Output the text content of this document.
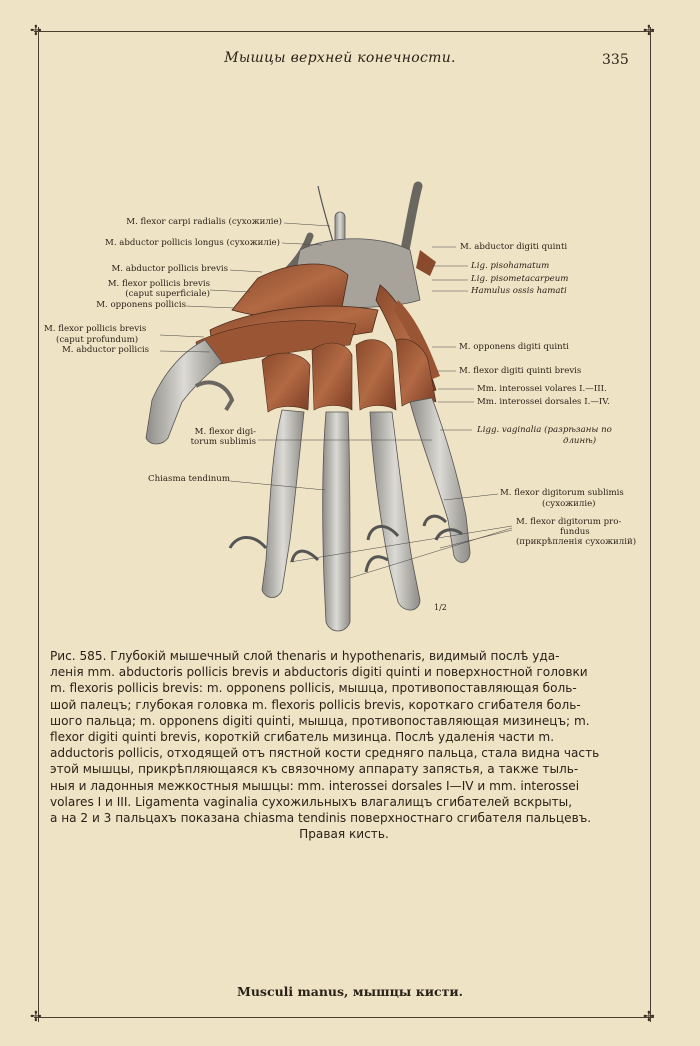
✢	✢
✢	✢
Мышцы верхней конечности.	335
M. flexor carpi radialis (сухожиліе)
M. abductor pollicis longus (сухожиліе)
M. abductor pollicis brevis
M. flexor pollicis brevis
(caput superficiale)
M. opponens pollicis
M. flexor pollicis brevis
(caput profundum)
M. abductor pollicis
M. flexor digi-
torum sublimis
Chiasma tendinum
M. abductor digiti quinti
Lig. pisohamatum
Lig. pisometacarpeum
Hamulus ossis hamati
M. opponens digiti quinti
M. flexor digiti quinti brevis
Mm. interossei volares I.—III.
Mm. interossei dorsales I.—IV.
Ligg. vaginalia (разрѣзаны по
длинѣ)
M. flexor digitorum sublimis
(сухожиліе)
M. flexor digitorum pro-
fundus
(прикрѣпленія сухожилій)
1/2

Рис. 585. Глубокій мышечный слой thenaris и hypothenaris, видимый послѣ уда-

ленія mm. abductoris pollicis brevis и abductoris digiti quinti и поверхностной головки

m. flexoris pollicis brevis: m. opponens pollicis, мышца, противопоставляющая боль-

шой палецъ; глубокая головка m. flexoris pollicis brevis, короткаго сгибателя боль-

шого пальца; m. opponens digiti quinti, мышца, противопоставляющая мизинецъ; m.

flexor digiti quinti brevis, короткій сгибатель мизинца. Послѣ удаленія части m.

adductoris pollicis, отходящей отъ пястной кости средняго пальца, стала видна часть

этой мышцы, прикрѣпляющаяся къ связочному аппарату запястья, а также тыль-

ныя и ладонныя межкостныя мышцы: mm. interossei dorsales I—IV и mm. interossei

volares I и III. Ligamenta vaginalia сухожильныхъ влагалищъ сгибателей вскрыты,

а на 2 и 3 пальцахъ показана chiasma tendinis поверхностнаго сгибателя пальцевъ.

Правая кисть.

Musculi manus, мышцы кисти.
